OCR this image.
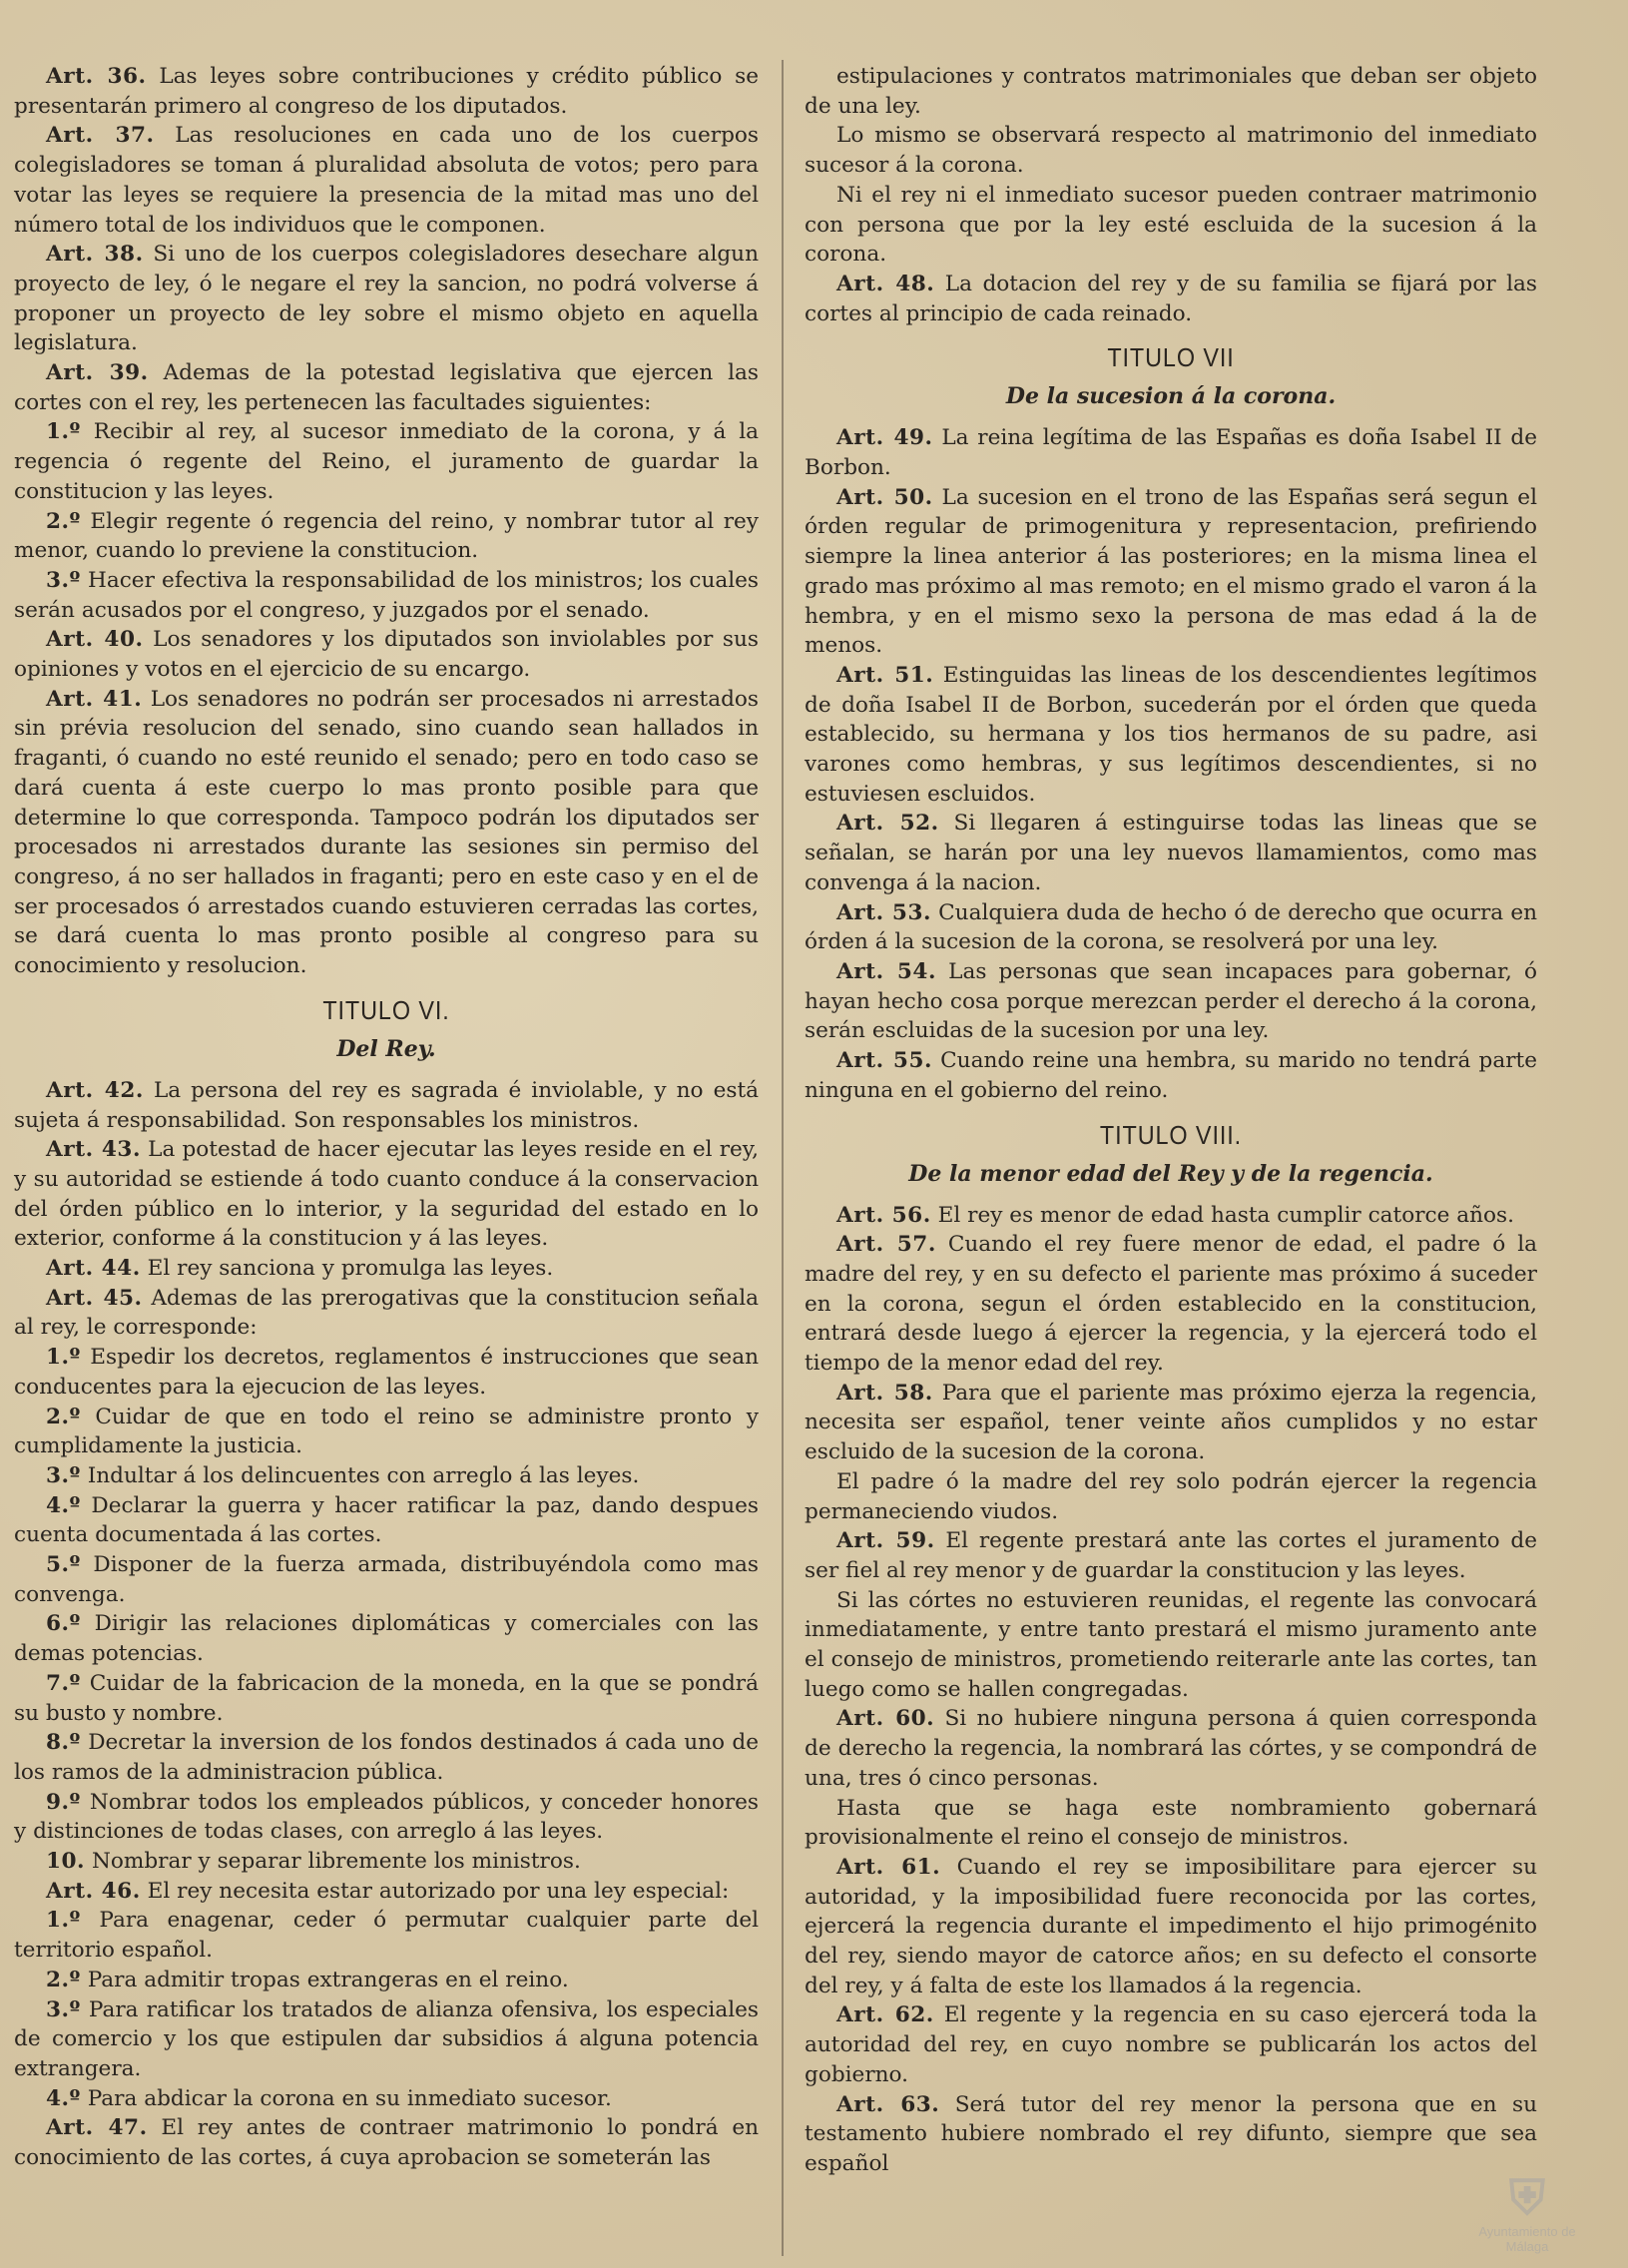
Art. 36. Las leyes sobre contribuciones y crédito público se presentarán primero al congreso de los diputados.

Art. 37. Las resoluciones en cada uno de los cuerpos colegisladores se toman á pluralidad absoluta de votos; pero para votar las leyes se requiere la presencia de la mitad mas uno del número total de los individuos que le componen.

Art. 38. Si uno de los cuerpos colegisladores desechare algun proyecto de ley, ó le negare el rey la sancion, no podrá volverse á proponer un proyecto de ley sobre el mismo objeto en aquella legislatura.

Art. 39. Ademas de la potestad legislativa que ejercen las cortes con el rey, les pertenecen las facultades siguientes:

1.º Recibir al rey, al sucesor inmediato de la corona, y á la regencia ó regente del Reino, el juramento de guardar la constitucion y las leyes.

2.º Elegir regente ó regencia del reino, y nombrar tutor al rey menor, cuando lo previene la constitucion.

3.º Hacer efectiva la responsabilidad de los ministros; los cuales serán acusados por el congreso, y juzgados por el senado.

Art. 40. Los senadores y los diputados son inviolables por sus opiniones y votos en el ejercicio de su encargo.

Art. 41. Los senadores no podrán ser procesados ni arrestados sin prévia resolucion del senado, sino cuando sean hallados in fraganti, ó cuando no esté reunido el senado; pero en todo caso se dará cuenta á este cuerpo lo mas pronto posible para que determine lo que corresponda. Tampoco podrán los diputados ser procesados ni arrestados durante las sesiones sin permiso del congreso, á no ser hallados in fraganti; pero en este caso y en el de ser procesados ó arrestados cuando estuvieren cerradas las cortes, se dará cuenta lo mas pronto posible al congreso para su conocimiento y resolucion.

TITULO VI.
Del Rey.

Art. 42. La persona del rey es sagrada é inviolable, y no está sujeta á responsabilidad. Son responsables los ministros.

Art. 43. La potestad de hacer ejecutar las leyes reside en el rey, y su autoridad se estiende á todo cuanto conduce á la conservacion del órden público en lo interior, y la seguridad del estado en lo exterior, conforme á la constitucion y á las leyes.

Art. 44. El rey sanciona y promulga las leyes.

Art. 45. Ademas de las prerogativas que la constitucion señala al rey, le corresponde:

1.º Espedir los decretos, reglamentos é instrucciones que sean conducentes para la ejecucion de las leyes.

2.º Cuidar de que en todo el reino se administre pronto y cumplidamente la justicia.

3.º Indultar á los delincuentes con arreglo á las leyes.

4.º Declarar la guerra y hacer ratificar la paz, dando despues cuenta documentada á las cortes.

5.º Disponer de la fuerza armada, distribuyéndola como mas convenga.

6.º Dirigir las relaciones diplomáticas y comerciales con las demas potencias.

7.º Cuidar de la fabricacion de la moneda, en la que se pondrá su busto y nombre.

8.º Decretar la inversion de los fondos destinados á cada uno de los ramos de la administracion pública.

9.º Nombrar todos los empleados públicos, y conceder honores y distinciones de todas clases, con arreglo á las leyes.

10. Nombrar y separar libremente los ministros.

Art. 46. El rey necesita estar autorizado por una ley especial:

1.º Para enagenar, ceder ó permutar cualquier parte del territorio español.

2.º Para admitir tropas extrangeras en el reino.

3.º Para ratificar los tratados de alianza ofensiva, los especiales de comercio y los que estipulen dar subsidios á alguna potencia extrangera.

4.º Para abdicar la corona en su inmediato sucesor.

Art. 47. El rey antes de contraer matrimonio lo pondrá en conocimiento de las cortes, á cuya aprobacion se someterán las

estipulaciones y contratos matrimoniales que deban ser objeto de una ley.

Lo mismo se observará respecto al matrimonio del inmediato sucesor á la corona.

Ni el rey ni el inmediato sucesor pueden contraer matrimonio con persona que por la ley esté escluida de la sucesion á la corona.

Art. 48. La dotacion del rey y de su familia se fijará por las cortes al principio de cada reinado.

TITULO VII
De la sucesion á la corona.

Art. 49. La reina legítima de las Españas es doña Isabel II de Borbon.

Art. 50. La sucesion en el trono de las Españas será segun el órden regular de primogenitura y representacion, prefiriendo siempre la linea anterior á las posteriores; en la misma linea el grado mas próximo al mas remoto; en el mismo grado el varon á la hembra, y en el mismo sexo la persona de mas edad á la de menos.

Art. 51. Estinguidas las lineas de los descendientes legítimos de doña Isabel II de Borbon, sucederán por el órden que queda establecido, su hermana y los tios hermanos de su padre, asi varones como hembras, y sus legítimos descendientes, si no estuviesen escluidos.

Art. 52. Si llegaren á estinguirse todas las lineas que se señalan, se harán por una ley nuevos llamamientos, como mas convenga á la nacion.

Art. 53. Cualquiera duda de hecho ó de derecho que ocurra en órden á la sucesion de la corona, se resolverá por una ley.

Art. 54. Las personas que sean incapaces para gobernar, ó hayan hecho cosa porque merezcan perder el derecho á la corona, serán escluidas de la sucesion por una ley.

Art. 55. Cuando reine una hembra, su marido no tendrá parte ninguna en el gobierno del reino.

TITULO VIII.
De la menor edad del Rey y de la regencia.

Art. 56. El rey es menor de edad hasta cumplir catorce años.

Art. 57. Cuando el rey fuere menor de edad, el padre ó la madre del rey, y en su defecto el pariente mas próximo á suceder en la corona, segun el órden establecido en la constitucion, entrará desde luego á ejercer la regencia, y la ejercerá todo el tiempo de la menor edad del rey.

Art. 58. Para que el pariente mas próximo ejerza la regencia, necesita ser español, tener veinte años cumplidos y no estar escluido de la sucesion de la corona.

El padre ó la madre del rey solo podrán ejercer la regencia permaneciendo viudos.

Art. 59. El regente prestará ante las cortes el juramento de ser fiel al rey menor y de guardar la constitucion y las leyes.

Si las córtes no estuvieren reunidas, el regente las convocará inmediatamente, y entre tanto prestará el mismo juramento ante el consejo de ministros, prometiendo reiterarle ante las cortes, tan luego como se hallen congregadas.

Art. 60. Si no hubiere ninguna persona á quien corresponda de derecho la regencia, la nombrará las córtes, y se compondrá de una, tres ó cinco personas.

Hasta que se haga este nombramiento gobernará provisionalmente el reino el consejo de ministros.

Art. 61. Cuando el rey se imposibilitare para ejercer su autoridad, y la imposibilidad fuere reconocida por las cortes, ejercerá la regencia durante el impedimento el hijo primogénito del rey, siendo mayor de catorce años; en su defecto el consorte del rey, y á falta de este los llamados á la regencia.

Art. 62. El regente y la regencia en su caso ejercerá toda la autoridad del rey, en cuyo nombre se publicarán los actos del gobierno.

Art. 63. Será tutor del rey menor la persona que en su testamento hubiere nombrado el rey difunto, siempre que sea español

⛨
Ayuntamiento de Málaga
